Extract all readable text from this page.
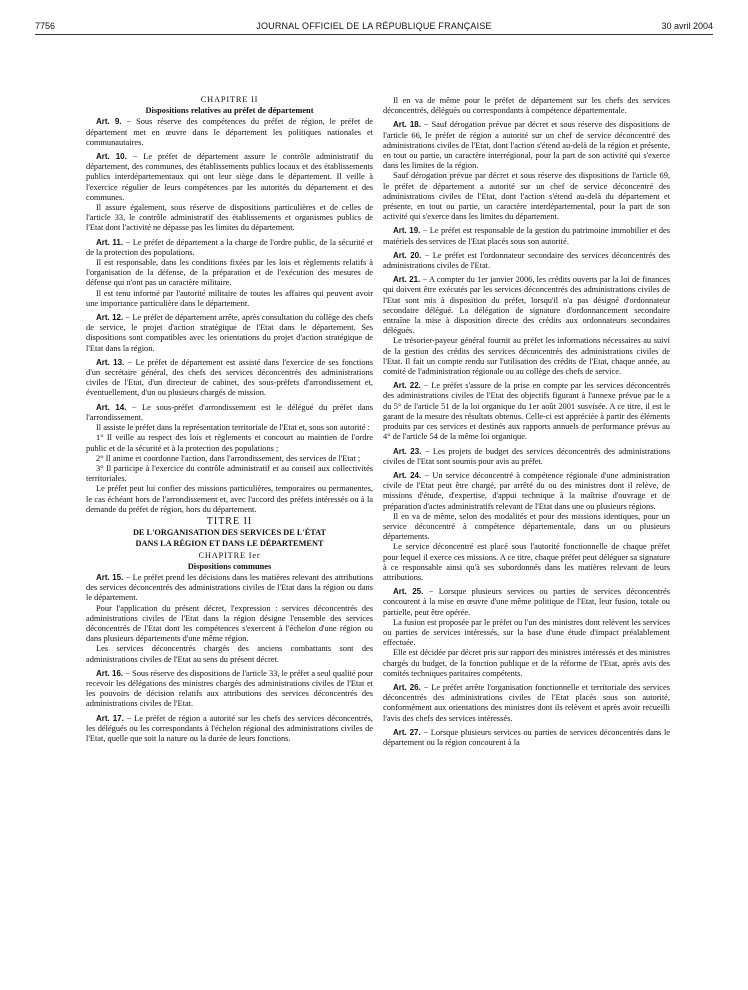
7756	JOURNAL OFFICIEL DE LA RÉPUBLIQUE FRANÇAISE	30 avril 2004
CHAPITRE II
Dispositions relatives au préfet de département

Art. 9. − Sous réserve des compétences du préfet de région, le préfet de département met en œuvre dans le département les politiques nationales et communautaires.

Art. 10. − Le préfet de département assure le contrôle administratif du département, des communes, des établissements publics locaux et des établissements publics interdépartementaux qui ont leur siège dans le département. Il veille à l'exercice régulier de leurs compétences par les autorités du département et des communes.

Il assure également, sous réserve de dispositions particulières et de celles de l'article 33, le contrôle administratif des établissements et organismes publics de l'Etat dont l'activité ne dépasse pas les limites du département.

Art. 11. − Le préfet de département a la charge de l'ordre public, de la sécurité et de la protection des populations.

Il est responsable, dans les conditions fixées par les lois et règlements relatifs à l'organisation de la défense, de la préparation et de l'exécution des mesures de défense qui n'ont pas un caractère militaire.

Il est tenu informé par l'autorité militaire de toutes les affaires qui peuvent avoir une importance particulière dans le département.

Art. 12. − Le préfet de département arrête, après consultation du collège des chefs de service, le projet d'action stratégique de l'Etat dans le département. Ses dispositions sont compatibles avec les orientations du projet d'action stratégique de l'Etat dans la région.

Art. 13. − Le préfet de département est assisté dans l'exercice de ses fonctions d'un secrétaire général, des chefs des services déconcentrés des administrations civiles de l'Etat, d'un directeur de cabinet, des sous-préfets d'arrondissement et, éventuellement, d'un ou plusieurs chargés de mission.

Art. 14. − Le sous-préfet d'arrondissement est le délégué du préfet dans l'arrondissement.

Il assiste le préfet dans la représentation territoriale de l'Etat et, sous son autorité :

1° Il veille au respect des lois et règlements et concourt au maintien de l'ordre public et de la sécurité et à la protection des populations ;

2° Il anime et coordonne l'action, dans l'arrondissement, des services de l'Etat ;

3° Il participe à l'exercice du contrôle administratif et au conseil aux collectivités territoriales.

Le préfet peut lui confier des missions particulières, temporaires ou permanentes, le cas échéant hors de l'arrondissement et, avec l'accord des préfets intéressés ou à la demande du préfet de région, hors du département.

TITRE II
DE L'ORGANISATION DES SERVICES DE L'ÉTAT
DANS LA RÉGION ET DANS LE DÉPARTEMENT
CHAPITRE Ier
Dispositions communes

Art. 15. − Le préfet prend les décisions dans les matières relevant des attributions des services déconcentrés des administrations civiles de l'Etat dans la région ou dans le département.

Pour l'application du présent décret, l'expression : services déconcentrés des administrations civiles de l'Etat dans la région désigne l'ensemble des services déconcentrés de l'Etat dont les compétences s'exercent à l'échelon d'une région ou dans plusieurs départements d'une même région.

Les services déconcentrés chargés des anciens combattants sont des administrations civiles de l'Etat au sens du présent décret.

Art. 16. − Sous réserve des dispositions de l'article 33, le préfet a seul qualité pour recevoir les délégations des ministres chargés des administrations civiles de l'Etat et les pouvoirs de décision relatifs aux attributions des services déconcentrés des administrations civiles de l'Etat.

Art. 17. − Le préfet de région a autorité sur les chefs des services déconcentrés, les délégués ou les correspondants à l'échelon régional des administrations civiles de l'Etat, quelle que soit la nature ou la durée de leurs fonctions.

Il en va de même pour le préfet de département sur les chefs des services déconcentrés, délégués ou correspondants à compétence départementale.

Art. 18. − Sauf dérogation prévue par décret et sous réserve des dispositions de l'article 66, le préfet de région a autorité sur un chef de service déconcentré des administrations civiles de l'Etat, dont l'action s'étend au-delà de la région et présente, en tout ou partie, un caractère interrégional, pour la part de son activité qui s'exerce dans les limites de la région.

Sauf dérogation prévue par décret et sous réserve des dispositions de l'article 69, le préfet de département a autorité sur un chef de service déconcentré des administrations civiles de l'Etat, dont l'action s'étend au-delà du département et présente, en tout ou partie, un caractère interdépartemental, pour la part de son activité qui s'exerce dans les limites du département.

Art. 19. − Le préfet est responsable de la gestion du patrimoine immobilier et des matériels des services de l'Etat placés sous son autorité.

Art. 20. − Le préfet est l'ordonnateur secondaire des services déconcentrés des administrations civiles de l'Etat.

Art. 21. − A compter du 1er janvier 2006, les crédits ouverts par la loi de finances qui doivent être exécutés par les services déconcentrés des administrations civiles de l'Etat sont mis à disposition du préfet, lorsqu'il n'a pas désigné d'ordonnateur secondaire délégué. La délégation de signature d'ordonnancement secondaire entraîne la mise à disposition directe des crédits aux ordonnateurs secondaires délégués.

Le trésorier-payeur général fournit au préfet les informations nécessaires au suivi de la gestion des crédits des services déconcentrés des administrations civiles de l'Etat. Il fait un compte rendu sur l'utilisation des crédits de l'Etat, chaque année, au comité de l'administration régionale ou au collège des chefs de service.

Art. 22. − Le préfet s'assure de la prise en compte par les services déconcentrés des administrations civiles de l'Etat des objectifs figurant à l'annexe prévue par le a du 5° de l'article 51 de la loi organique du 1er août 2001 susvisée. A ce titre, il est le garant de la mesure des résultats obtenus. Celle-ci est appréciée à partir des éléments produits par ces services et destinés aux rapports annuels de performance prévus au 4° de l'article 54 de la même loi organique.

Art. 23. − Les projets de budget des services déconcentrés des administrations civiles de l'Etat sont soumis pour avis au préfet.

Art. 24. − Un service déconcentré à compétence régionale d'une administration civile de l'Etat peut être chargé, par arrêté du ou des ministres dont il relève, de missions d'étude, d'expertise, d'appui technique à la maîtrise d'ouvrage et de préparation d'actes administratifs relevant de l'Etat dans une ou plusieurs régions.

Il en va de même, selon des modalités et pour des missions identiques, pour un service déconcentré à compétence départementale, dans un ou plusieurs départements.

Le service déconcentré est placé sous l'autorité fonctionnelle de chaque préfet pour lequel il exerce ces missions. A ce titre, chaque préfet peut déléguer sa signature à ce responsable ainsi qu'à ses subordonnés dans les matières relevant de leurs attributions.

Art. 25. − Lorsque plusieurs services ou parties de services déconcentrés concourent à la mise en œuvre d'une même politique de l'Etat, leur fusion, totale ou partielle, peut être opérée.

La fusion est proposée par le préfet ou l'un des ministres dont relèvent les services ou parties de services intéressés, sur la base d'une étude d'impact préalablement effectuée.

Elle est décidée par décret pris sur rapport des ministres intéressés et des ministres chargés du budget, de la fonction publique et de la réforme de l'Etat, après avis des comités techniques paritaires compétents.

Art. 26. − Le préfet arrête l'organisation fonctionnelle et territoriale des services déconcentrés des administrations civiles de l'Etat placés sous son autorité, conformément aux orientations des ministres dont ils relèvent et après avoir recueilli l'avis des chefs des services intéressés.

Art. 27. − Lorsque plusieurs services ou parties de services déconcentrés dans le département ou la région concourent à la
